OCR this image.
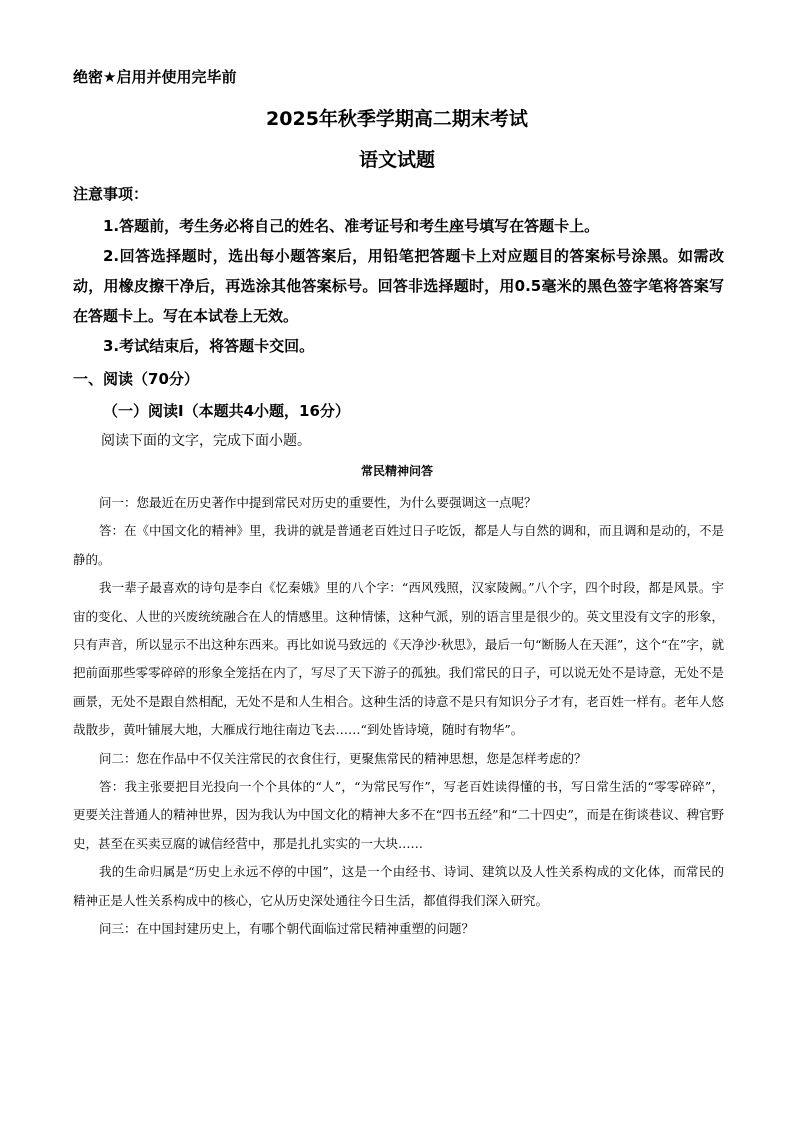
绝密★启用并使用完毕前
2025年秋季学期高二期末考试
语文试题
注意事项：

1.答题前，考生务必将自己的姓名、准考证号和考生座号填写在答题卡上。

2.回答选择题时，选出每小题答案后，用铅笔把答题卡上对应题目的答案标号涂黑。如需改动，用橡皮擦干净后，再选涂其他答案标号。回答非选择题时，用0.5毫米的黑色签字笔将答案写在答题卡上。写在本试卷上无效。

3.考试结束后，将答题卡交回。

一、阅读（70分）
（一）阅读Ⅰ（本题共4小题，16分）
阅读下面的文字，完成下面小题。
常民精神问答

问一：您最近在历史著作中提到常民对历史的重要性，为什么要强调这一点呢？

答：在《中国文化的精神》里，我讲的就是普通老百姓过日子吃饭，都是人与自然的调和，而且调和是动的，不是静的。

我一辈子最喜欢的诗句是李白《忆秦娥》里的八个字：“西风残照，汉家陵阙。”八个字，四个时段，都是风景。宇宙的变化、人世的兴废统统融合在人的情感里。这种情愫，这种气派，别的语言里是很少的。英文里没有文字的形象，只有声音，所以显示不出这种东西来。再比如说马致远的《天净沙·秋思》，最后一句“断肠人在天涯”，这个“在”字，就把前面那些零零碎碎的形象全笼括在内了，写尽了天下游子的孤独。我们常民的日子，可以说无处不是诗意，无处不是画景，无处不是跟自然相配，无处不是和人生相合。这种生活的诗意不是只有知识分子才有，老百姓一样有。老年人悠哉散步，黄叶铺展大地，大雁成行地往南边飞去……“到处皆诗境，随时有物华”。

问二：您在作品中不仅关注常民的衣食住行，更聚焦常民的精神思想，您是怎样考虑的？

答：我主张要把目光投向一个个具体的“人”，“为常民写作”，写老百姓读得懂的书，写日常生活的“零零碎碎”，更要关注普通人的精神世界，因为我认为中国文化的精神大多不在“四书五经”和“二十四史”，而是在街谈巷议、稗官野史，甚至在买卖豆腐的诚信经营中，那是扎扎实实的一大块……

我的生命归属是“历史上永远不停的中国”，这是一个由经书、诗词、建筑以及人性关系构成的文化体，而常民的精神正是人性关系构成中的核心，它从历史深处通往今日生活，都值得我们深入研究。

问三：在中国封建历史上，有哪个朝代面临过常民精神重塑的问题？
